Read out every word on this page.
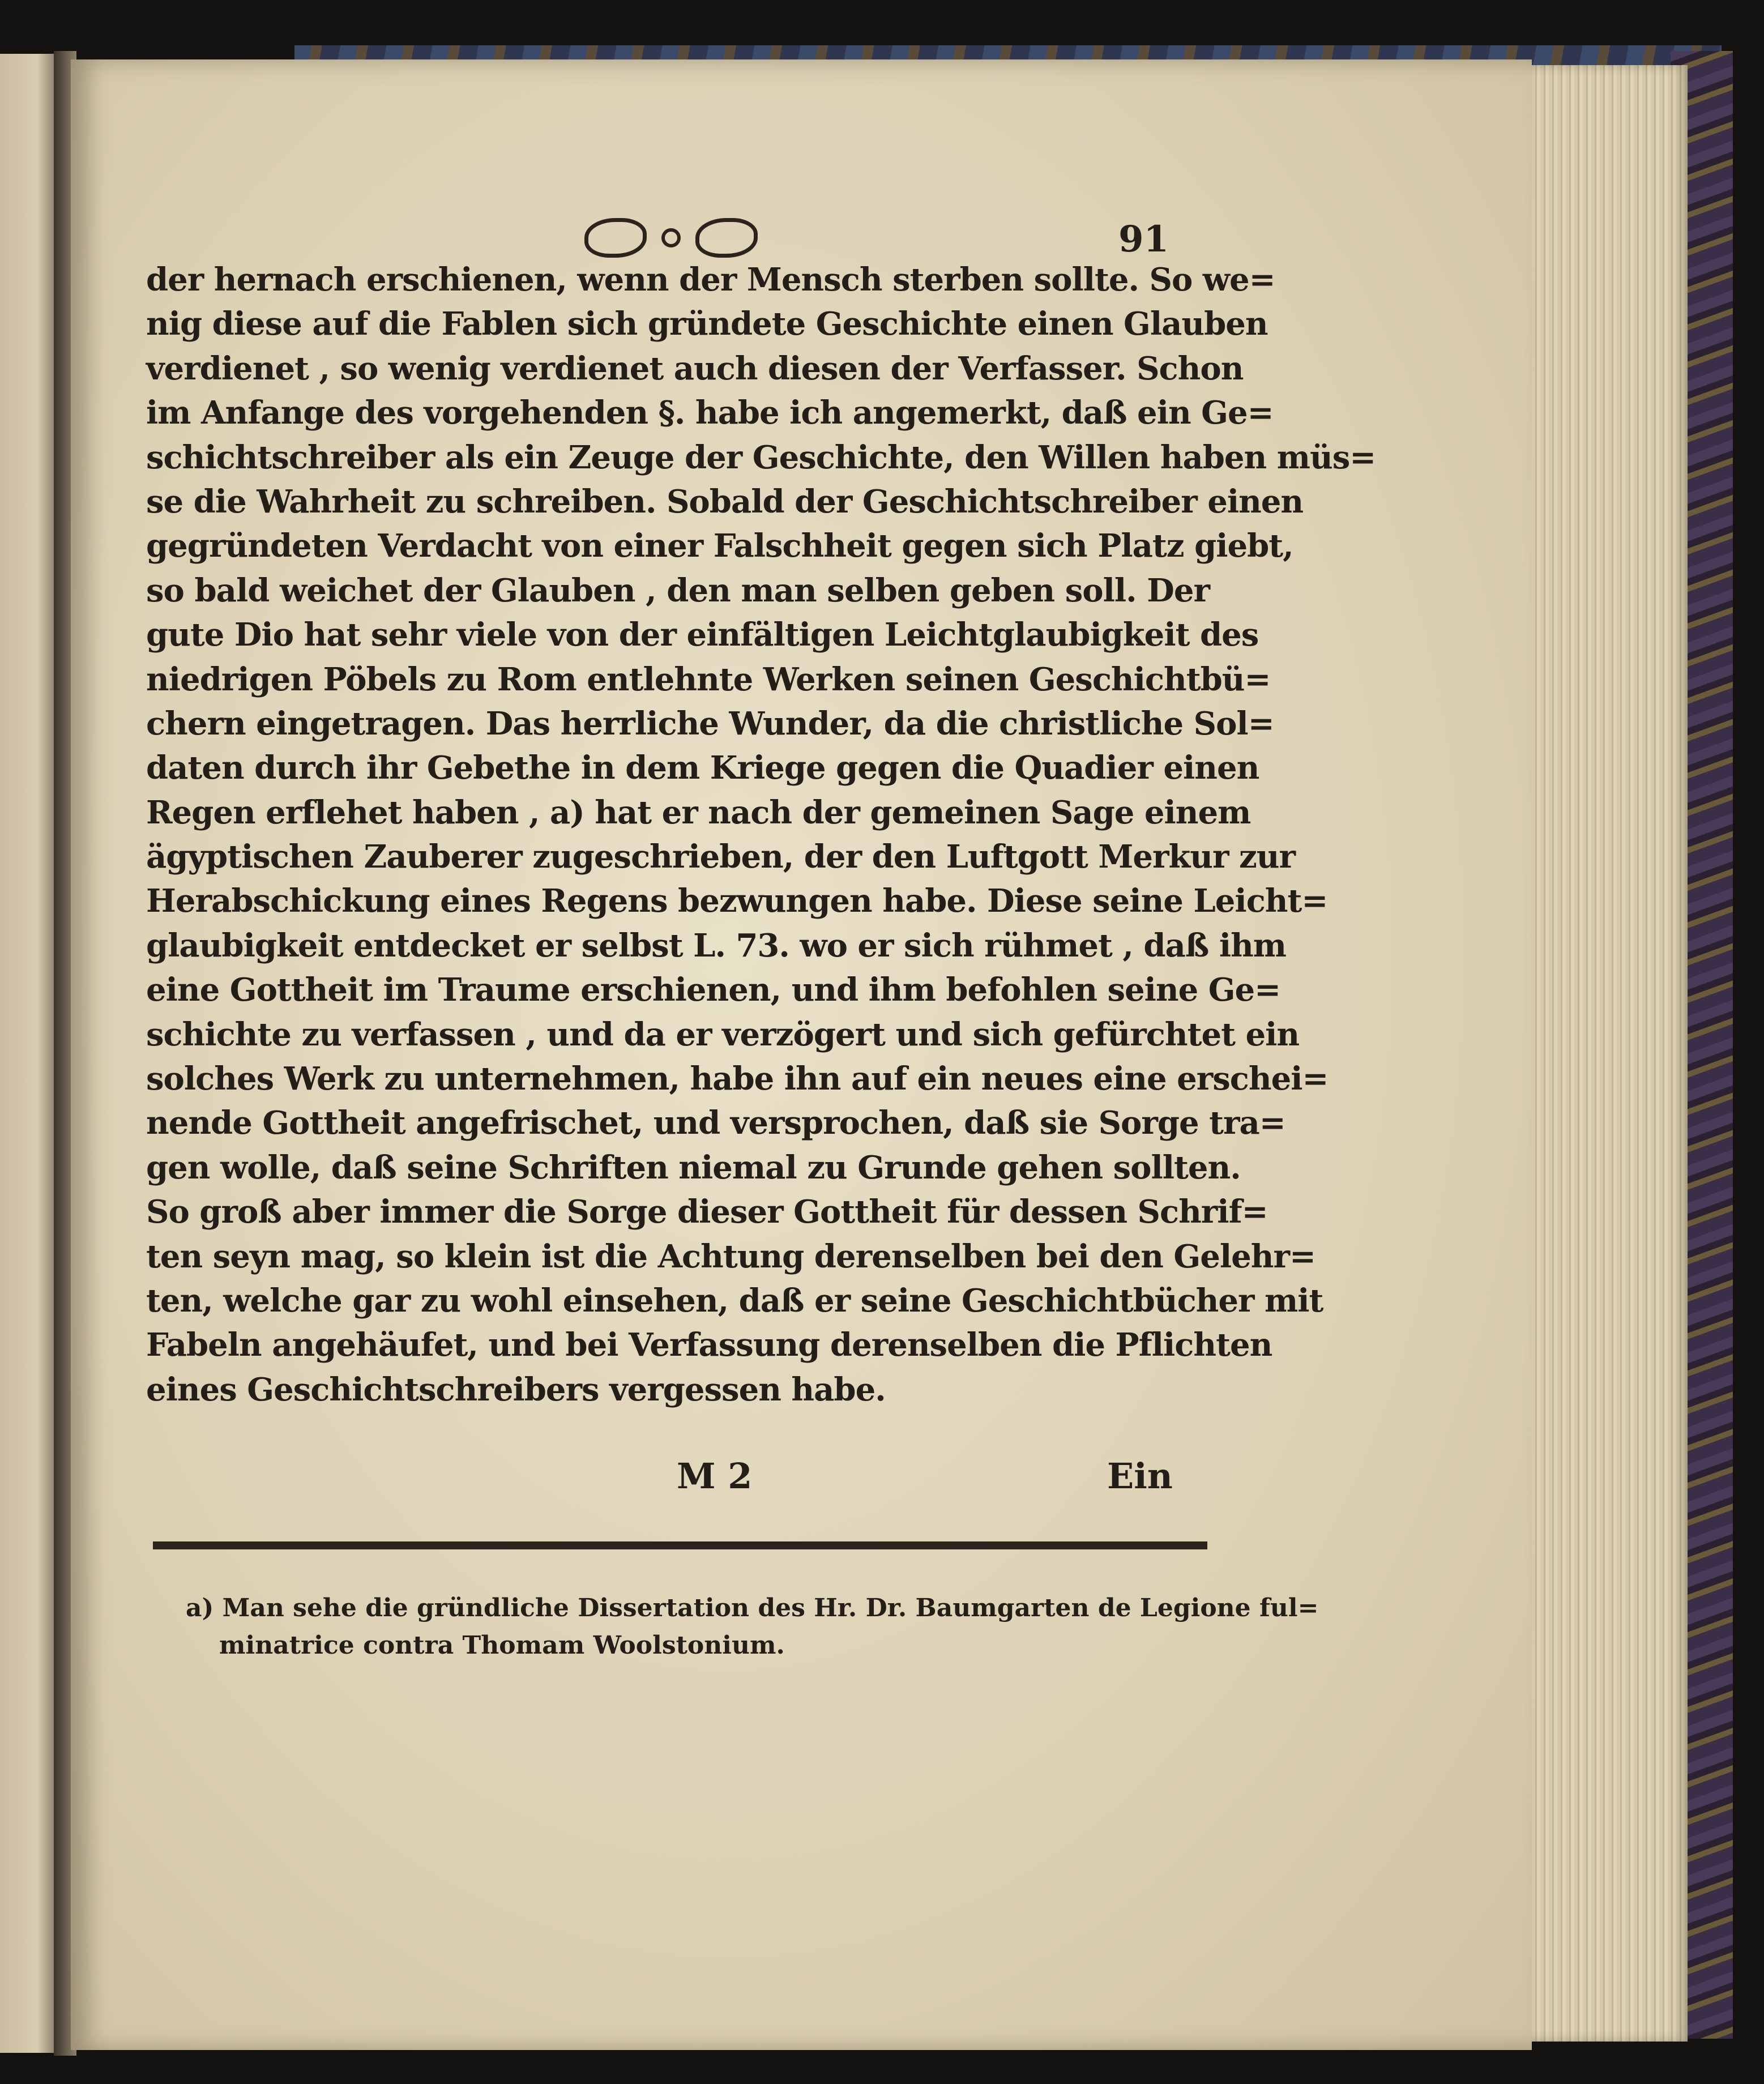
91
der hernach erschienen, wenn der Mensch sterben sollte. So we=
nig diese auf die Fablen sich gründete Geschichte einen Glauben
verdienet , so wenig verdienet auch diesen der Verfasser. Schon
im Anfange des vorgehenden §. habe ich angemerkt, daß ein Ge=
schichtschreiber als ein Zeuge der Geschichte, den Willen haben müs=
se die Wahrheit zu schreiben. Sobald der Geschichtschreiber einen
gegründeten Verdacht von einer Falschheit gegen sich Platz giebt,
so bald weichet der Glauben , den man selben geben soll. Der
gute Dio hat sehr viele von der einfältigen Leichtglaubigkeit des
niedrigen Pöbels zu Rom entlehnte Werken seinen Geschichtbü=
chern eingetragen. Das herrliche Wunder, da die christliche Sol=
daten durch ihr Gebethe in dem Kriege gegen die Quadier einen
Regen erflehet haben , a) hat er nach der gemeinen Sage einem
ägyptischen Zauberer zugeschrieben, der den Luftgott Merkur zur
Herabschickung eines Regens bezwungen habe. Diese seine Leicht=
glaubigkeit entdecket er selbst L. 73. wo er sich rühmet , daß ihm
eine Gottheit im Traume erschienen, und ihm befohlen seine Ge=
schichte zu verfassen , und da er verzögert und sich gefürchtet ein
solches Werk zu unternehmen, habe ihn auf ein neues eine erschei=
nende Gottheit angefrischet, und versprochen, daß sie Sorge tra=
gen wolle, daß seine Schriften niemal zu Grunde gehen sollten.
So groß aber immer die Sorge dieser Gottheit für dessen Schrif=
ten seyn mag, so klein ist die Achtung derenselben bei den Gelehr=
ten, welche gar zu wohl einsehen, daß er seine Geschichtbücher mit
Fabeln angehäufet, und bei Verfassung derenselben die Pflichten
eines Geschichtschreibers vergessen habe.
M 2	Ein
a) Man sehe die gründliche Dissertation des Hr. Dr. Baumgarten de Legione ful=
minatrice contra Thomam Woolstonium.
